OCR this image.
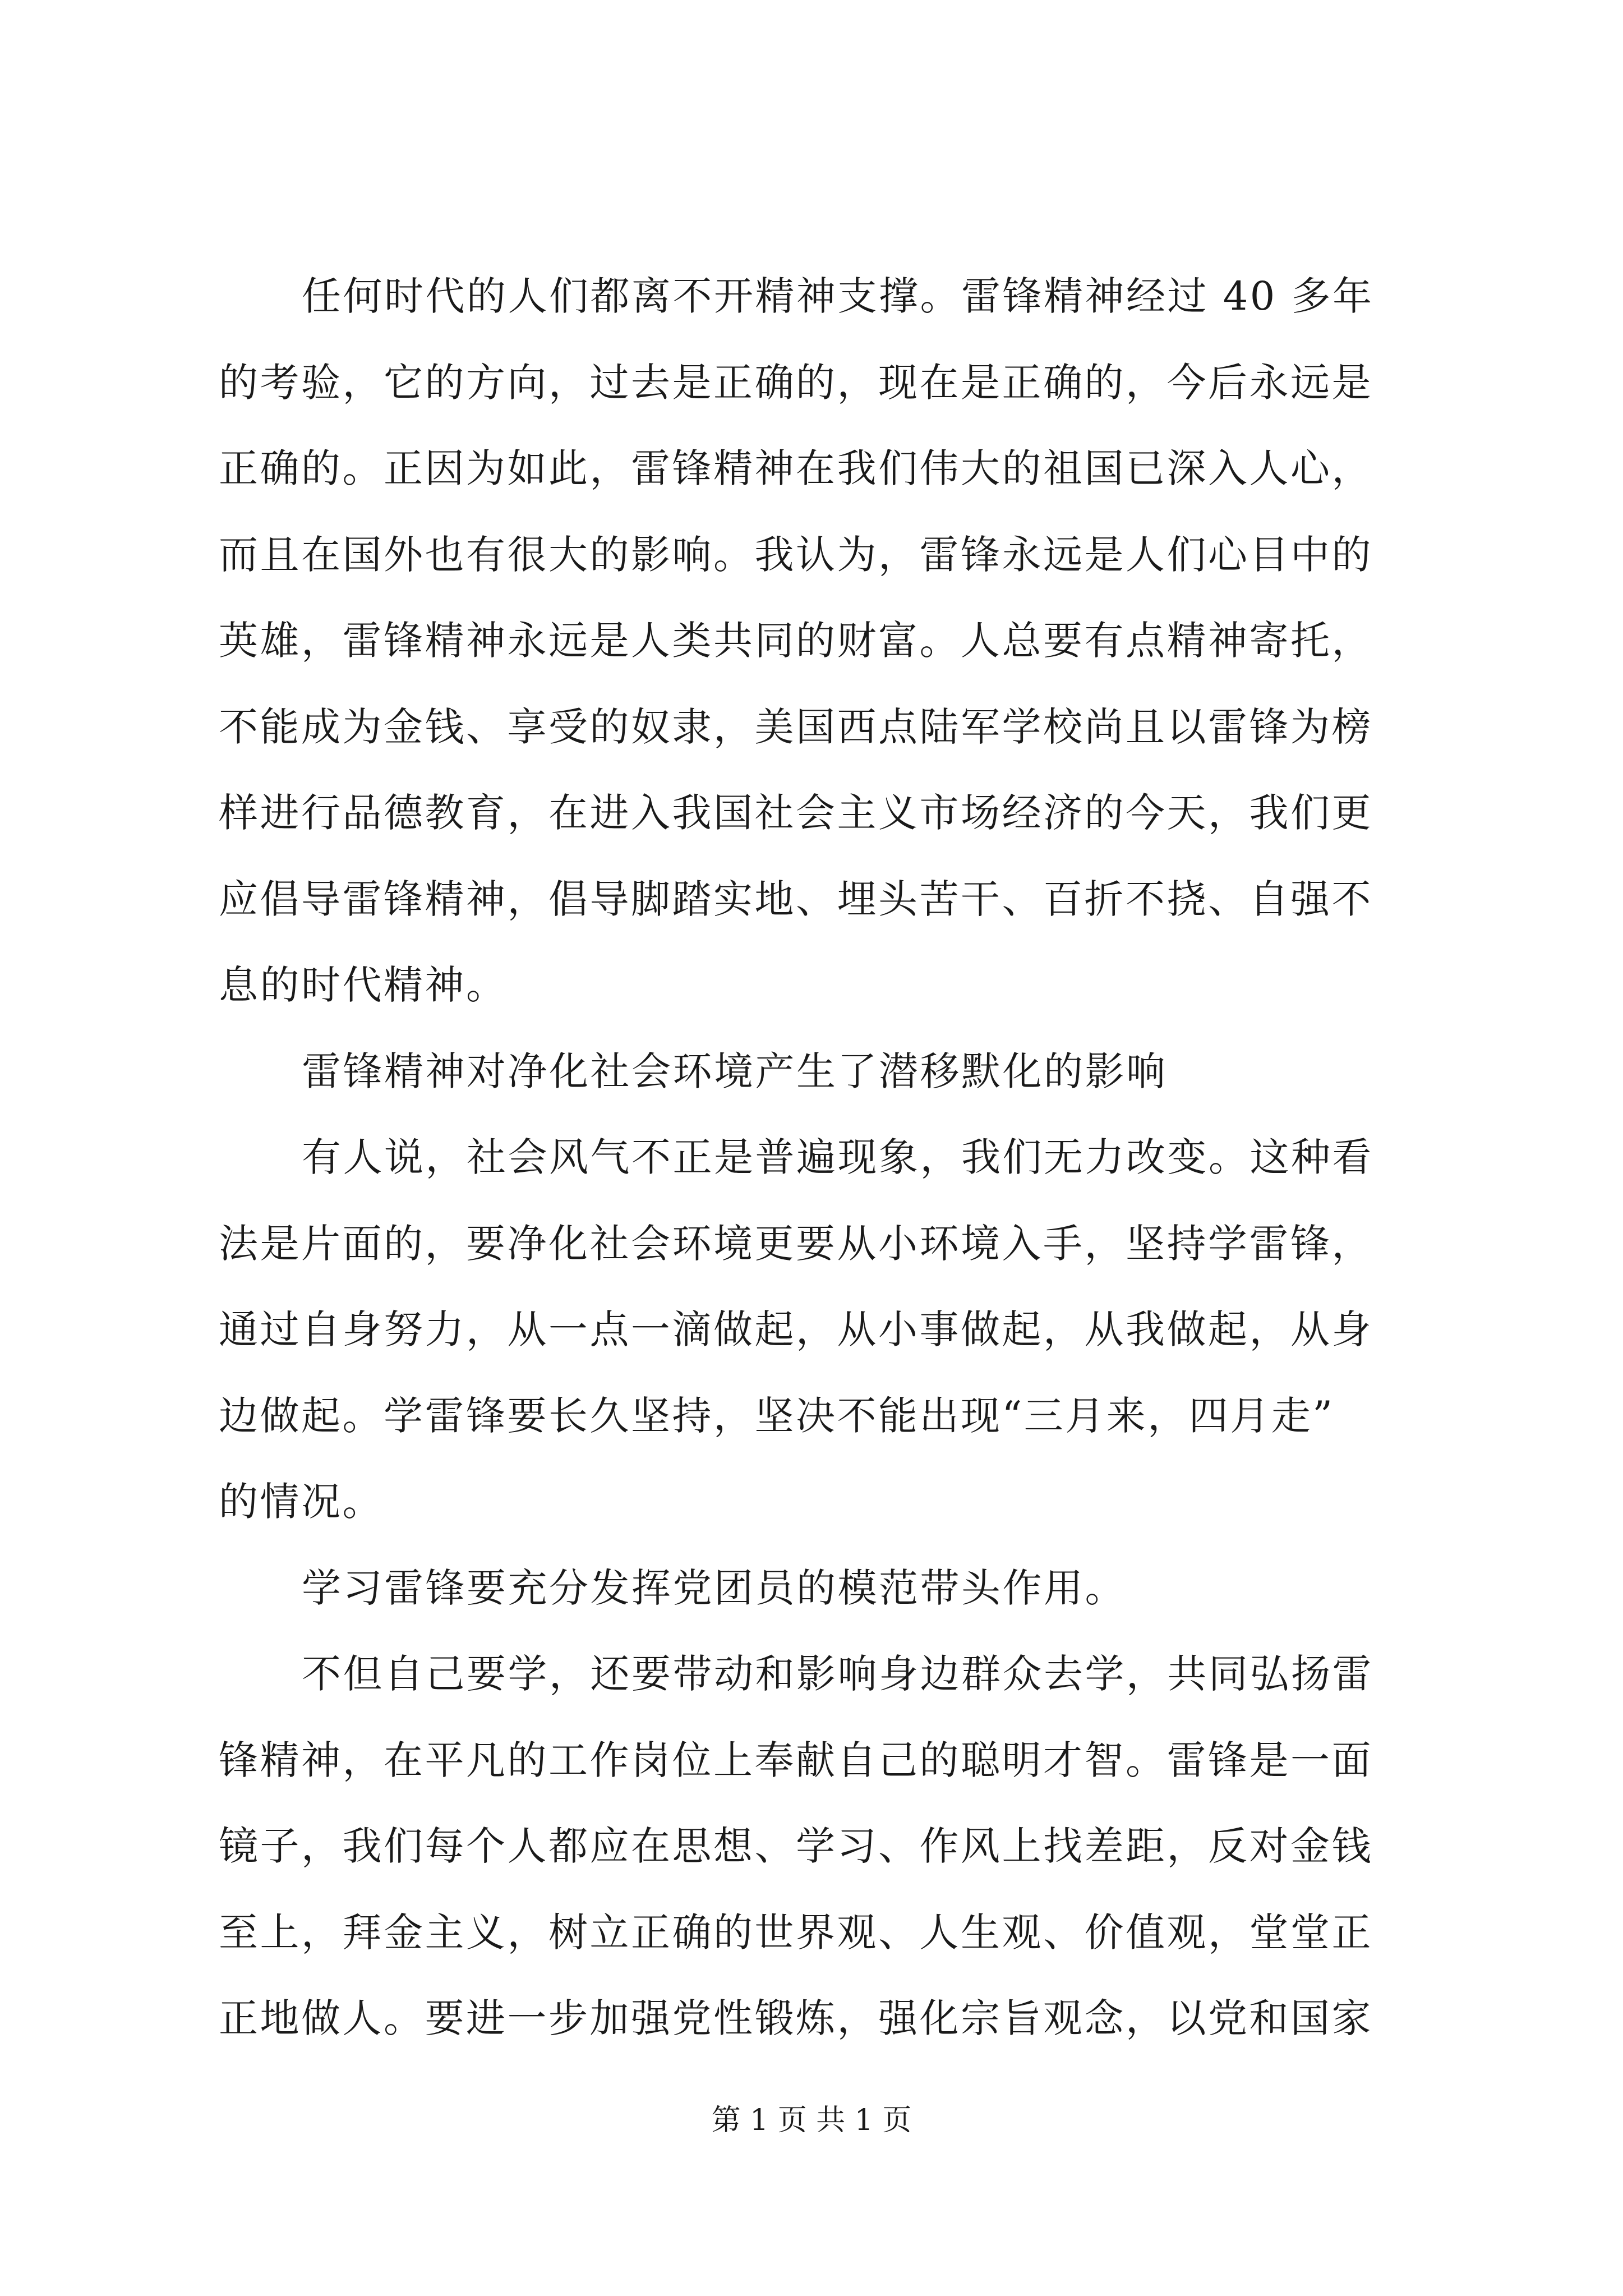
任何时代的人们都离不开精神支撑。雷锋精神经过 40 多年
的考验，它的方向，过去是正确的，现在是正确的，今后永远是
正确的。正因为如此，雷锋精神在我们伟大的祖国已深入人心，
而且在国外也有很大的影响。我认为，雷锋永远是人们心目中的
英雄，雷锋精神永远是人类共同的财富。人总要有点精神寄托，
不能成为金钱、享受的奴隶，美国西点陆军学校尚且以雷锋为榜
样进行品德教育，在进入我国社会主义市场经济的今天，我们更
应倡导雷锋精神，倡导脚踏实地、埋头苦干、百折不挠、自强不
息的时代精神。
雷锋精神对净化社会环境产生了潜移默化的影响
有人说，社会风气不正是普遍现象，我们无力改变。这种看
法是片面的，要净化社会环境更要从小环境入手，坚持学雷锋，
通过自身努力，从一点一滴做起，从小事做起，从我做起，从身
边做起。学雷锋要长久坚持，坚决不能出现“三月来，四月走”
的情况。
学习雷锋要充分发挥党团员的模范带头作用。
不但自己要学，还要带动和影响身边群众去学，共同弘扬雷
锋精神，在平凡的工作岗位上奉献自己的聪明才智。雷锋是一面
镜子，我们每个人都应在思想、学习、作风上找差距，反对金钱
至上，拜金主义，树立正确的世界观、人生观、价值观，堂堂正
正地做人。要进一步加强党性锻炼，强化宗旨观念，以党和国家
第 1 页 共 1 页
